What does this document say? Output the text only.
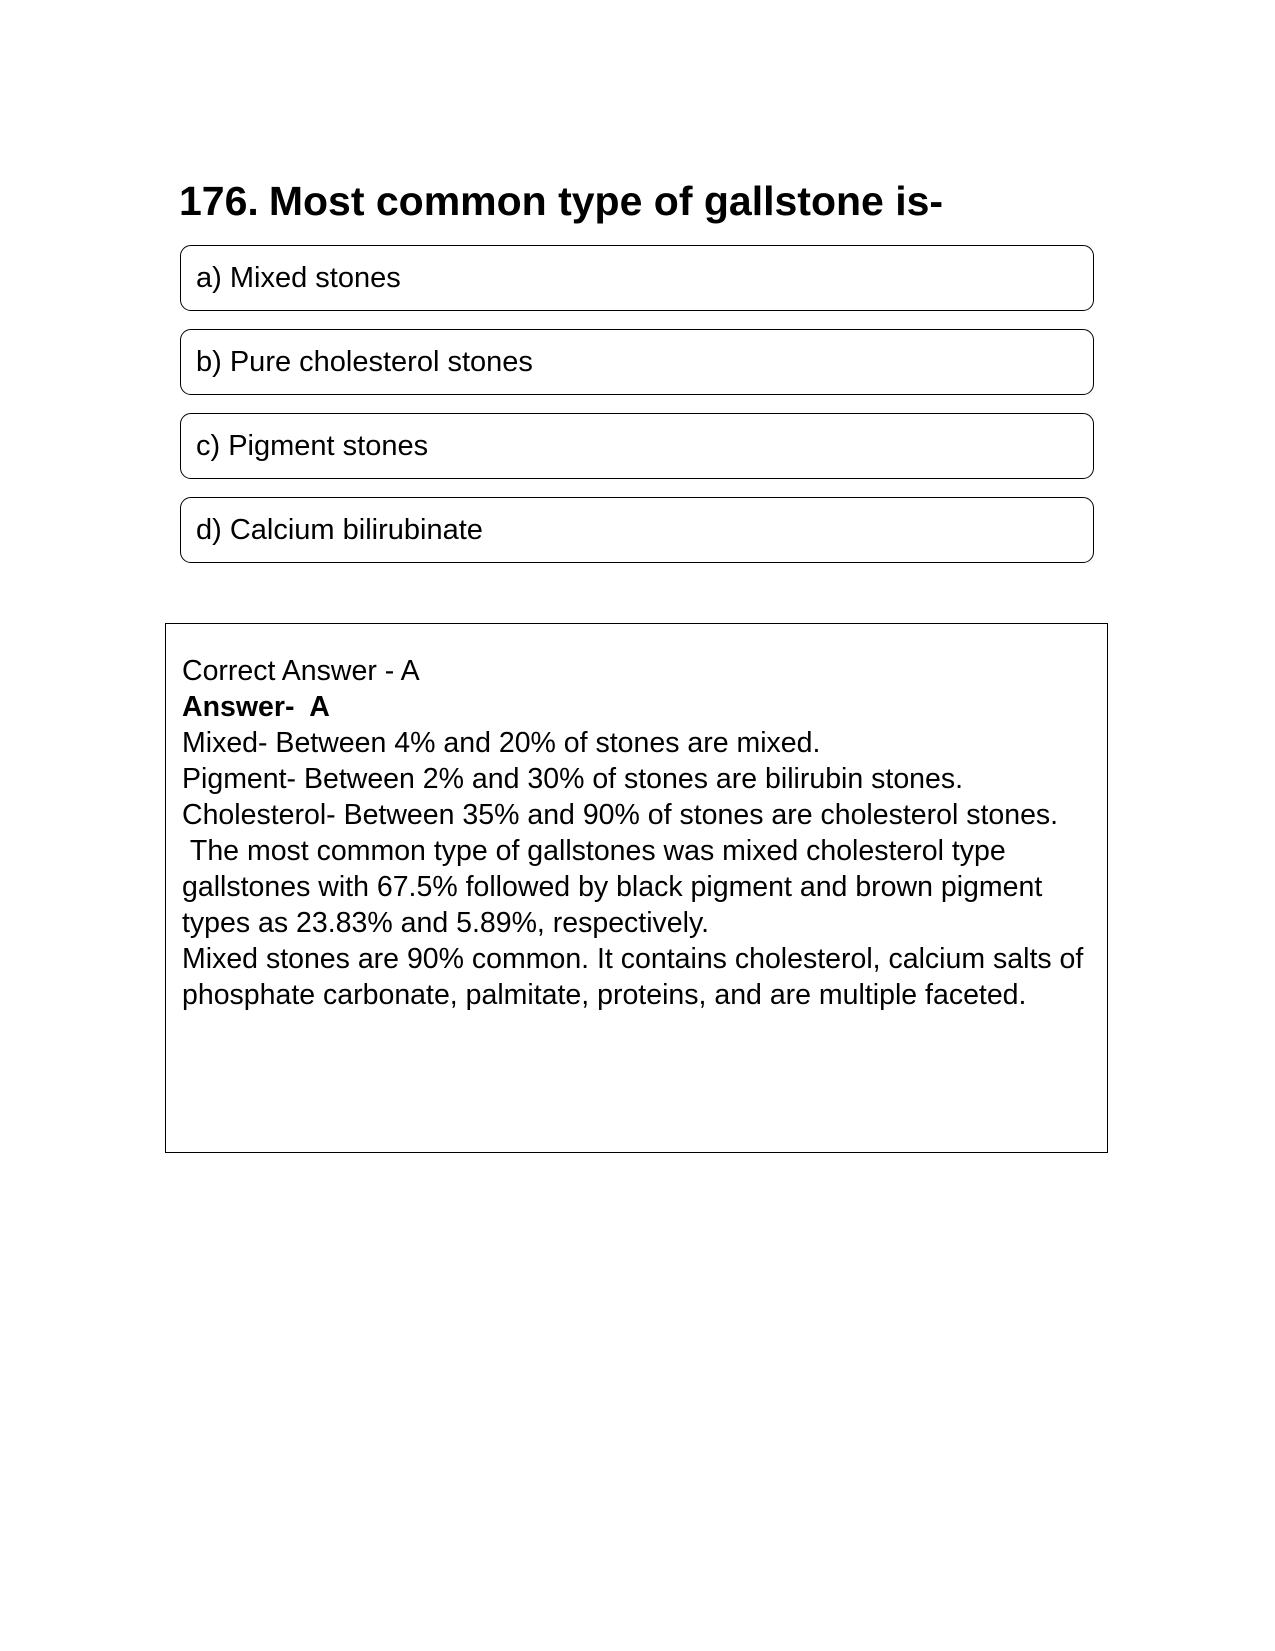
176. Most common type of gallstone is-
a) Mixed stones
b) Pure cholesterol stones
c) Pigment stones
d) Calcium bilirubinate

Correct Answer - A

Answer-  A

Mixed- Between 4% and 20% of stones are mixed.

Pigment- Between 2% and 30% of stones are bilirubin stones.

Cholesterol- Between 35% and 90% of stones are cholesterol stones.

The most common type of gallstones was mixed cholesterol type gallstones with 67.5% followed by black pigment and brown pigment types as 23.83% and 5.89%, respectively.

Mixed stones are 90% common. It contains cholesterol, calcium salts of phosphate carbonate, palmitate, proteins, and are multiple faceted.
